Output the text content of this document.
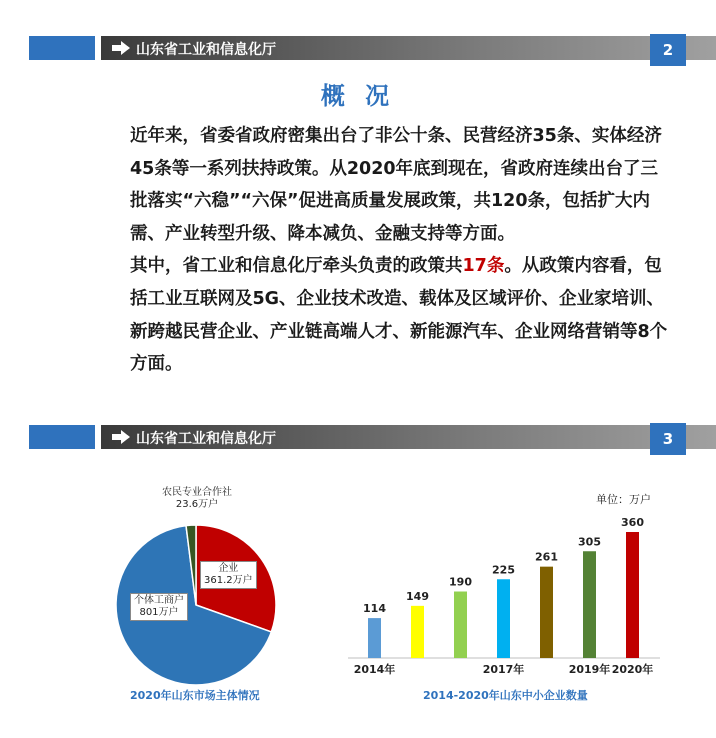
山东省工业和信息化厅	2
概 况

近年来，省委省政府密集出台了非公十条、民营经济35条、实体经济45条等一系列扶持政策。从2020年底到现在，省政府连续出台了三批落实“六稳”“六保”促进高质量发展政策，共120条，包括扩大内需、产业转型升级、降本减负、金融支持等方面。

其中，省工业和信息化厅牵头负责的政策共17条。从政策内容看，包括工业互联网及5G、企业技术改造、载体及区域评价、企业家培训、新跨越民营企业、产业链高端人才、新能源汽车、企业网络营销等8个方面。

山东省工业和信息化厅	3
农民专业合作社
23.6万户
企业
361.2万户
个体工商户
801万户
2020年山东市场主体情况
单位：万户
114
2014年
149
190
225
2017年
261
305
2019年
360
2020年
2014-2020年山东中小企业数量
